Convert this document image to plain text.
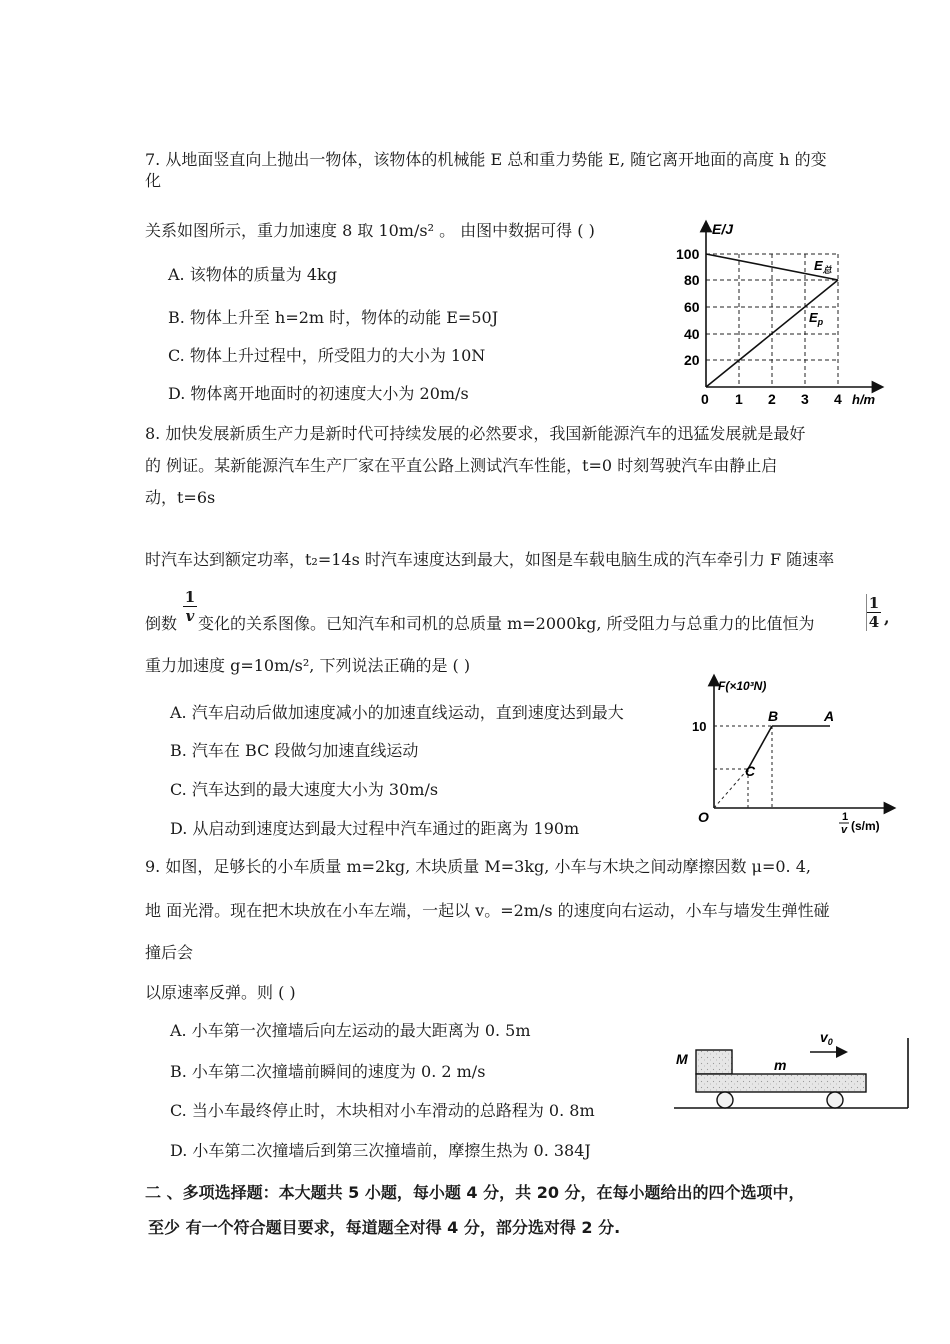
7. 从地面竖直向上抛出一物体，该物体的机械能 E 总和重力势能 E, 随它离开地面的高度 h 的变
化
关系如图所示，重力加速度 8 取 10m/s² 。 由图中数据可得 ( )
A. 该物体的质量为 4kg
B. 物体上升至 h=2m 时，物体的动能 E=50J
C. 物体上升过程中，所受阻力的大小为 10N
D. 物体离开地面时的初速度大小为 20m/s
E/J
h/m
100
80
60
40
20
0 1 2 3 4
$E_总$
$E_p$
8. 加快发展新质生产力是新时代可持续发展的必然要求，我国新能源汽车的迅猛发展就是最好
的 例证。某新能源汽车生产厂家在平直公路上测试汽车性能，t=0 时刻驾驶汽车由静止启
动，t=6s
时汽车达到额定功率，t₂=14s 时汽车速度达到最大，如图是车载电脑生成的汽车牵引力 F 随速率
倒数
1
v 变化的关系图像。已知汽车和司机的总质量 m=2000kg, 所受阻力与总重力的比值恒为
1
4 ,
重力加速度 g=10m/s², 下列说法正确的是 ( )
A. 汽车启动后做加速度减小的加速直线运动，直到速度达到最大
B. 汽车在 BC 段做匀加速直线运动
C. 汽车达到的最大速度大小为 30m/s
D. 从启动到速度达到最大过程中汽车通过的距离为 190m
F(×10³N)
10
O
A
B
C
1
v (s/m)
9. 如图，足够长的小车质量 m=2kg, 木块质量 M=3kg, 小车与木块之间动摩擦因数 μ=0. 4,
地 面光滑。现在把木块放在小车左端，一起以 v。=2m/s 的速度向右运动，小车与墙发生弹性碰
撞后会
以原速率反弹。则 ( )
A. 小车第一次撞墙后向左运动的最大距离为 0. 5m
B. 小车第二次撞墙前瞬间的速度为 0. 2 m/s
C. 当小车最终停止时，木块相对小车滑动的总路程为 0. 8m
D. 小车第二次撞墙后到第三次撞墙前，摩擦生热为 0. 384J
M	m
$v_0$
二 、多项选择题：本大题共 5 小题，每小题 4 分，共 20 分，在每小题给出的四个选项中，
至少 有一个符合题目要求，每道题全对得 4 分，部分选对得 2 分.
